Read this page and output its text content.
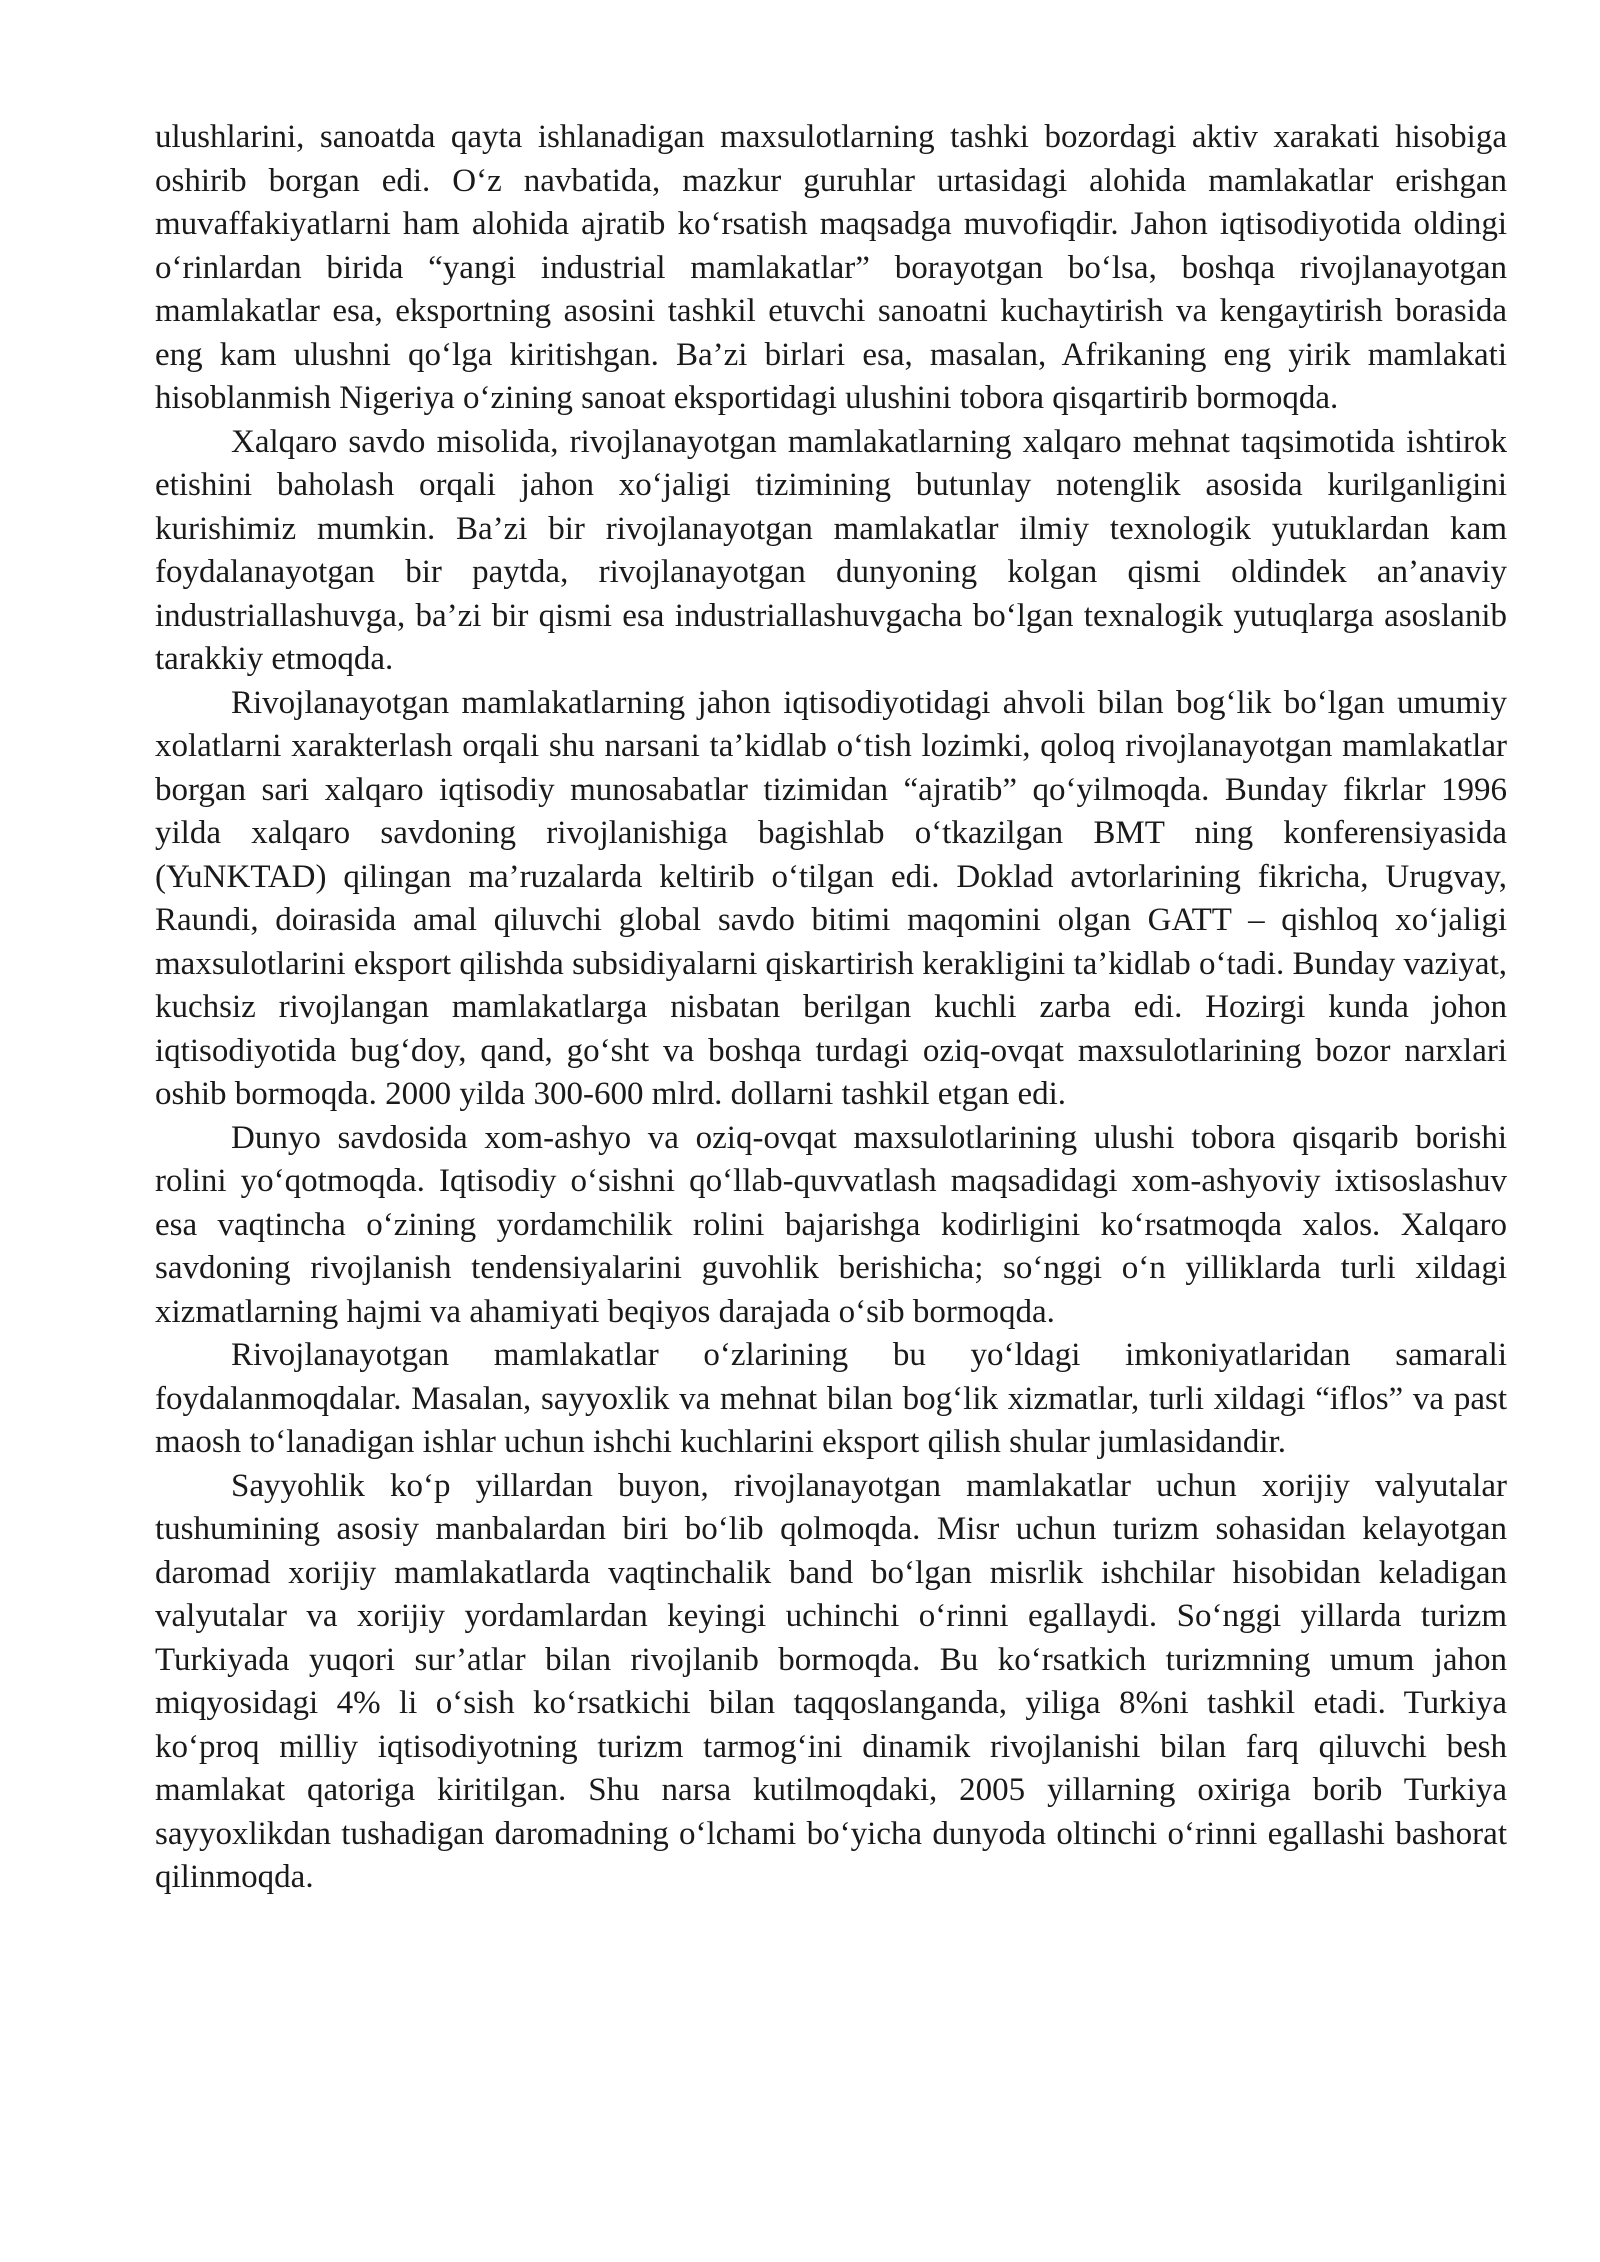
ulushlarini, sanoatda qayta ishlanadigan maxsulotlarning tashki bozordagi aktiv xarakati hisobiga oshirib borgan edi. O‘z navbatida, mazkur guruhlar urtasidagi alohida mamlakatlar erishgan muvaffakiyatlarni ham alohida ajratib ko‘rsatish maqsadga muvofiqdir. Jahon iqtisodiyotida oldingi o‘rinlardan birida “yangi industrial mamlakatlar” borayotgan bo‘lsa, boshqa rivojlanayotgan mamlakatlar esa, eksportning asosini tashkil etuvchi sanoatni kuchaytirish va kengaytirish borasida eng kam ulushni qo‘lga kiritishgan. Ba’zi birlari esa, masalan, Afrikaning eng yirik mamlakati hisoblanmish Nigeriya o‘zining sanoat eksportidagi ulushini tobora qisqartirib bormoqda.

Xalqaro savdo misolida, rivojlanayotgan mamlakatlarning xalqaro mehnat taqsimotida ishtirok etishini baholash orqali jahon xo‘jaligi tizimining butunlay notenglik asosida kurilganligini kurishimiz mumkin. Ba’zi bir rivojlanayotgan mamlakatlar ilmiy texnologik yutuklardan kam foydalanayotgan bir paytda, rivojlanayotgan dunyoning kolgan qismi oldindek an’anaviy industriallashuvga, ba’zi bir qismi esa industriallashuvgacha bo‘lgan texnalogik yutuqlarga asoslanib tarakkiy etmoqda.

Rivojlanayotgan mamlakatlarning jahon iqtisodiyotidagi ahvoli bilan bog‘lik bo‘lgan umumiy xolatlarni xarakterlash orqali shu narsani ta’kidlab o‘tish lozimki, qoloq rivojlanayotgan mamlakatlar borgan sari xalqaro iqtisodiy munosabatlar tizimidan “ajratib” qo‘yilmoqda. Bunday fikrlar 1996 yilda xalqaro savdoning rivojlanishiga bagishlab o‘tkazilgan BMT ning konferensiyasida (YuNKTAD) qilingan ma’ruzalarda keltirib o‘tilgan edi. Doklad avtorlarining fikricha, Urugvay, Raundi, doirasida amal qiluvchi global savdo bitimi maqomini olgan GATT – qishloq xo‘jaligi maxsulotlarini eksport qilishda subsidiyalarni qiskartirish kerakligini ta’kidlab o‘tadi. Bunday vaziyat, kuchsiz rivojlangan mamlakatlarga nisbatan berilgan kuchli zarba edi. Hozirgi kunda johon iqtisodiyotida bug‘doy, qand, go‘sht va boshqa turdagi oziq-ovqat maxsulotlarining bozor narxlari oshib bormoqda. 2000 yilda 300-600 mlrd. dollarni tashkil etgan edi.

Dunyo savdosida xom-ashyo va oziq-ovqat maxsulotlarining ulushi tobora qisqarib borishi rolini yo‘qotmoqda. Iqtisodiy o‘sishni qo‘llab-quvvatlash maqsadidagi xom-ashyoviy ixtisoslashuv esa vaqtincha o‘zining yordamchilik rolini bajarishga kodirligini ko‘rsatmoqda xalos. Xalqaro savdoning rivojlanish tendensiyalarini guvohlik berishicha; so‘nggi o‘n yilliklarda turli xildagi xizmatlarning hajmi va ahamiyati beqiyos darajada o‘sib bormoqda.

Rivojlanayotgan mamlakatlar o‘zlarining bu yo‘ldagi imkoniyatlaridan samarali foydalanmoqdalar. Masalan, sayyoxlik va mehnat bilan bog‘lik xizmatlar, turli xildagi “iflos” va past maosh to‘lanadigan ishlar uchun ishchi kuchlarini eksport qilish shular jumlasidandir.

Sayyohlik ko‘p yillardan buyon, rivojlanayotgan mamlakatlar uchun xorijiy valyutalar tushumining asosiy manbalardan biri bo‘lib qolmoqda. Misr uchun turizm sohasidan kelayotgan daromad xorijiy mamlakatlarda vaqtinchalik band bo‘lgan misrlik ishchilar hisobidan keladigan valyutalar va xorijiy yordamlardan keyingi uchinchi o‘rinni egallaydi. So‘nggi yillarda turizm Turkiyada yuqori sur’atlar bilan rivojlanib bormoqda. Bu ko‘rsatkich turizmning umum jahon miqyosidagi 4% li o‘sish ko‘rsatkichi bilan taqqoslanganda, yiliga 8%ni tashkil etadi. Turkiya ko‘proq milliy iqtisodiyotning turizm tarmog‘ini dinamik rivojlanishi bilan farq qiluvchi besh mamlakat qatoriga kiritilgan. Shu narsa kutilmoqdaki, 2005 yillarning oxiriga borib Turkiya sayyoxlikdan tushadigan daromadning o‘lchami bo‘yicha dunyoda oltinchi o‘rinni egallashi bashorat qilinmoqda.
